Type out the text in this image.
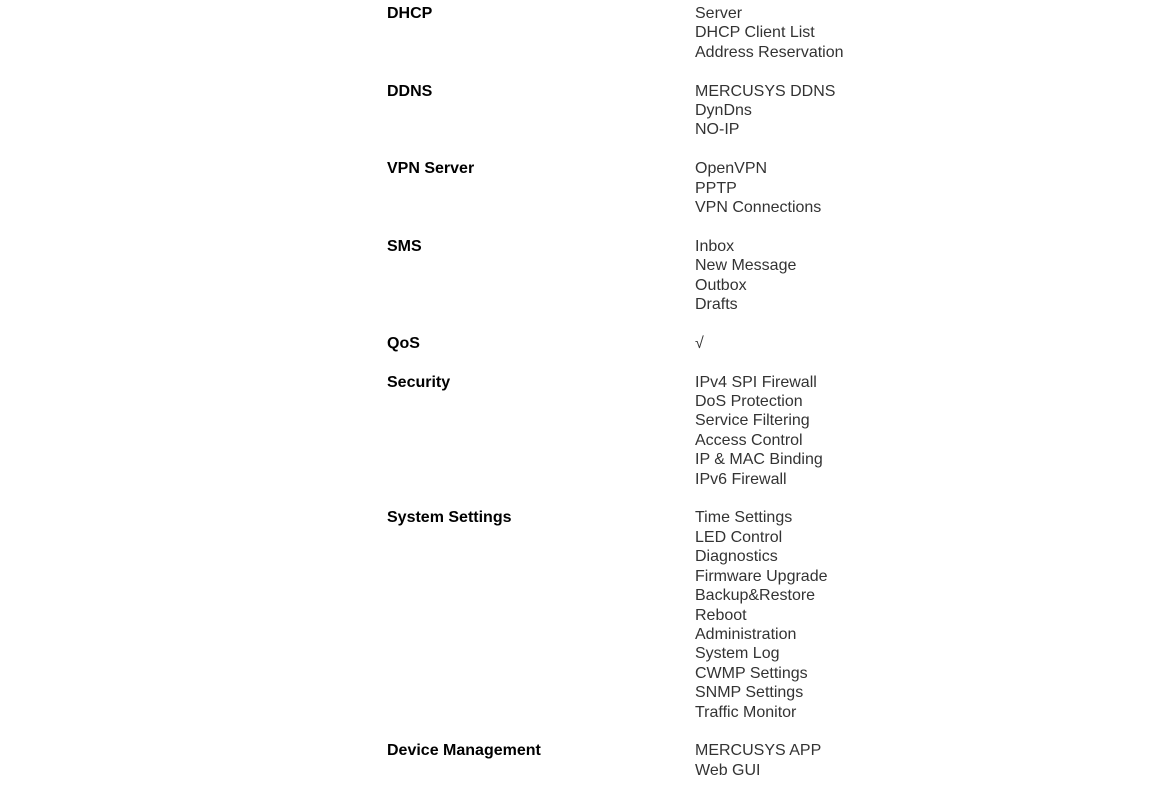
DHCP	Server
DHCP Client List
Address Reservation
DDNS	MERCUSYS DDNS
DynDns
NO-IP
VPN Server	OpenVPN
PPTP
VPN Connections
SMS	Inbox
New Message
Outbox
Drafts
QoS	√
Security	IPv4 SPI Firewall
DoS Protection
Service Filtering
Access Control
IP & MAC Binding
IPv6 Firewall
System Settings	Time Settings
LED Control
Diagnostics
Firmware Upgrade
Backup&Restore
Reboot
Administration
System Log
CWMP Settings
SNMP Settings
Traffic Monitor
Device Management	MERCUSYS APP
Web GUI
